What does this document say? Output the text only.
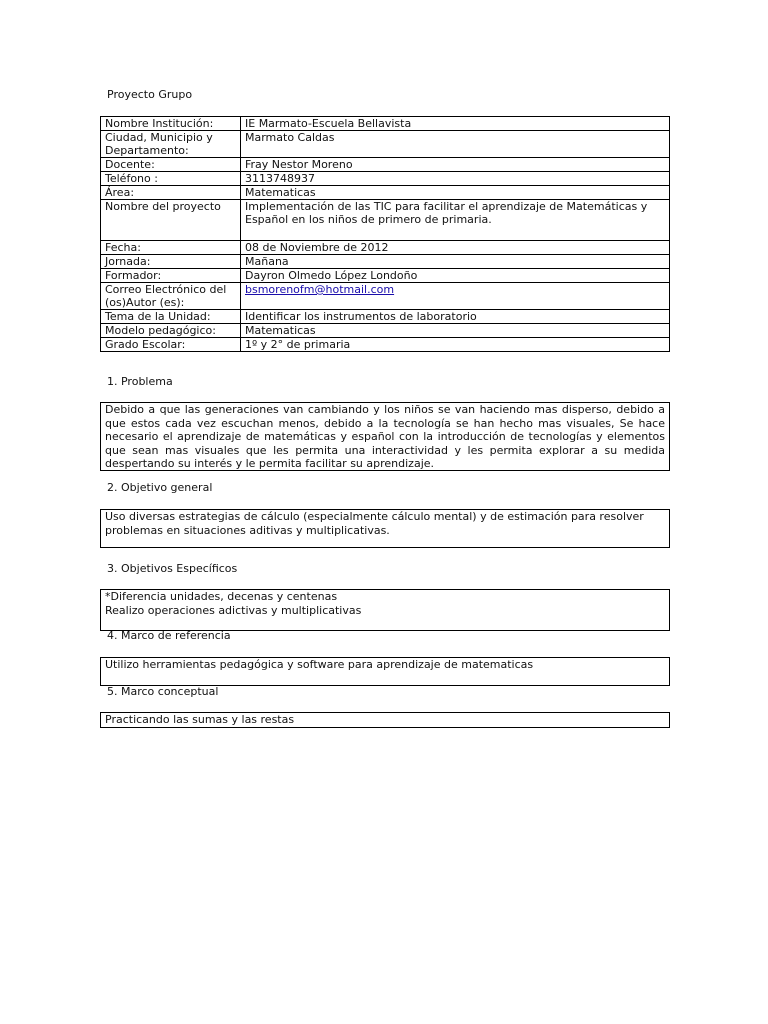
Proyecto Grupo
Nombre Institución:	IE Marmato-Escuela Bellavista
Ciudad, Municipio y Departamento:	Marmato Caldas
Docente:	Fray Nestor Moreno
Teléfono :	3113748937
Área:	Matematicas
Nombre del proyecto	Implementación de las TIC para facilitar el aprendizaje de Matemáticas y Español en los niños de primero de primaria.
Fecha:	08 de Noviembre de 2012
Jornada:	Mañana
Formador:	Dayron Olmedo López Londoño
Correo Electrónico del (os)Autor (es):	bsmorenofm@hotmail.com
Tema de la Unidad:	Identificar los instrumentos de laboratorio
Modelo pedagógico:	Matematicas
Grado Escolar:	1º y 2° de primaria
1. Problema
Debido a que las generaciones van cambiando y los niños se van haciendo mas disperso, debido a que estos cada vez escuchan menos, debido a la tecnología se han hecho mas visuales, Se hace necesario el aprendizaje de matemáticas y español con la introducción de tecnologías y elementos que sean mas visuales que les permita una interactividad y les permita explorar a su medida despertando su interés y le permita facilitar su aprendizaje.
2. Objetivo general
Uso diversas estrategias de cálculo (especialmente cálculo mental) y de estimación para resolver problemas en situaciones aditivas y multiplicativas.
3. Objetivos Específicos
*Diferencia unidades, decenas y centenas
Realizo operaciones adictivas y multiplicativas
4. Marco de referencia
Utilizo herramientas pedagógica y software para aprendizaje de matematicas
5. Marco conceptual
Practicando las sumas y las restas
